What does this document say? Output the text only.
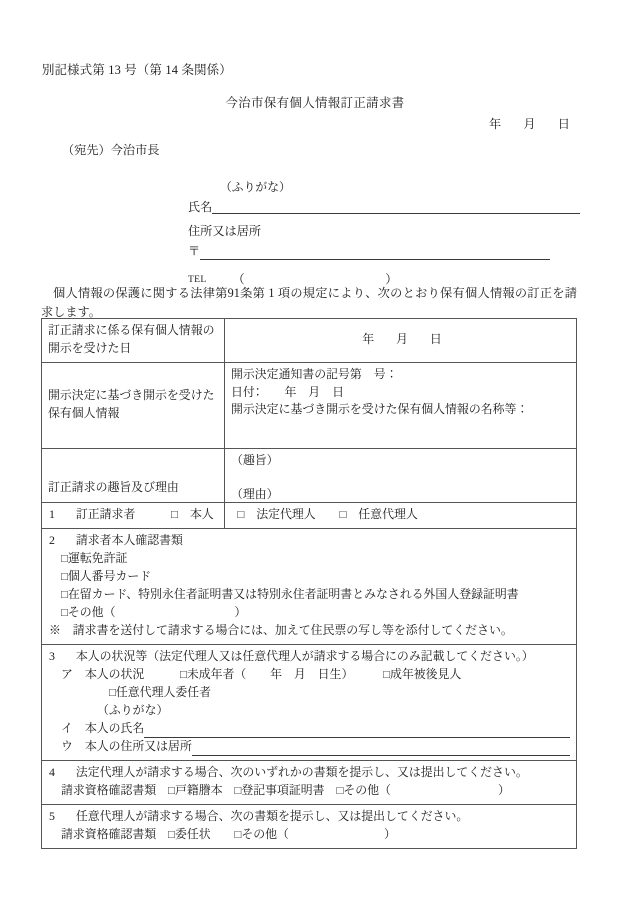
別記様式第 13 号（第 14 条関係）
今治市保有個人情報訂正請求書
年　月　日
（宛先）今治市長
（ふりがな）
氏名
住所又は居所
〒
TEL （　　　）
個人情報の保護に関する法律第91条第 1 項の規定により、次のとおり保有個人情報の訂正を請求します。
訂正請求に係る保有個人情報の開示を受けた日	年　月　日

開示決定に基づき開示を受けた保有個人情報	開示決定通知書の記号第　号：
日付：　　年　月　日
開示決定に基づき開示を受けた保有個人情報の名称等：

訂正請求の趣旨及び理由	（趣旨）
（理由）
1 訂正請求者　　　	□　 本人　　 □　 法定代理人　　 □　 任意代理人

2 請求者本人確認書類
□運転免許証
□個人番号カード
□在留カード、特別永住者証明書又は特別永住者証明書とみなされる外国人登録証明書
□その他（　　　　　　　　　　）
※　請求書を送付して請求する場合には、加えて住民票の写し等を添付してください。

3 本人の状況等（法定代理人又は任意代理人が請求する場合にのみ記載してください。）
ア　 本人の状況　　　	□未成年者（　　年　月　日生）　　　	□成年被後見人
□任意代理人委任者
（ふりがな）
イ　 本人の氏名
ウ　 本人の住所又は居所

4 法定代理人が請求する場合、次のいずれかの書類を提示し、又は提出してください。
請求資格確認書類　 □戸籍謄本　 □登記事項証明書　 □その他（　　　　　　　　　）

5 任意代理人が請求する場合、次の書類を提示し、又は提出してください。
請求資格確認書類　 □委任状　　 □その他（　　　　　　　　）
